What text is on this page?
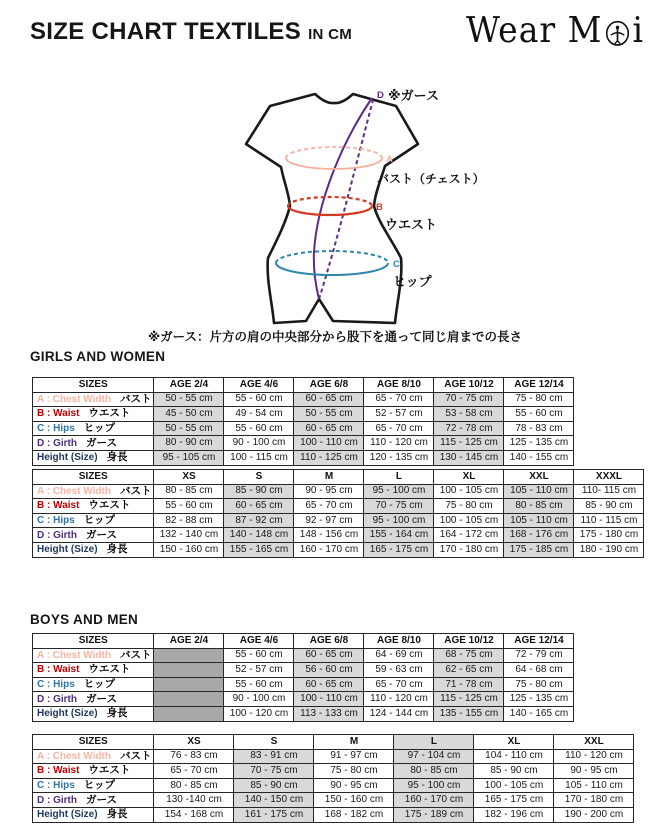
SIZE CHART TEXTILES IN CM	Wear M i
D ※ガース
A
バスト（チェスト）
B
ウエスト
C
ヒップ
※ガース：片方の肩の中央部分から股下を通って同じ肩までの長さ
GIRLS AND WOMEN
SIZES	AGE 2/4	AGE 4/6	AGE 6/8	AGE 8/10	AGE 10/12	AGE 12/14
A : Chest Width バスト	50 - 55 cm	55 - 60 cm	60 - 65 cm	65 - 70 cm	70 - 75 cm	75 - 80 cm
B : Waist ウエスト	45 - 50 cm	49 - 54 cm	50 - 55 cm	52 - 57 cm	53 - 58 cm	55 - 60 cm
C : Hips ヒップ	50 - 55 cm	55 - 60 cm	60 - 65 cm	65 - 70 cm	72 - 78 cm	78 - 83 cm
D : Girth ガース	80 - 90 cm	90 - 100 cm	100 - 110 cm	110 - 120 cm	115 - 125 cm	125 - 135 cm
Height (Size) 身長	95 - 105 cm	100 - 115 cm	110 - 125 cm	120 - 135 cm	130 - 145 cm	140 - 155 cm
SIZES	XS	S	M	L	XL	XXL	XXXL
A : Chest Width バスト	80 - 85 cm	85 - 90 cm	90 - 95 cm	95 - 100 cm	100 - 105 cm	105 - 110 cm	110- 115 cm
B : Waist ウエスト	55 - 60 cm	60 - 65 cm	65 - 70 cm	70 - 75 cm	75 - 80 cm	80 - 85 cm	85 - 90 cm
C : Hips ヒップ	82 - 88 cm	87 - 92 cm	92 - 97 cm	95 - 100 cm	100 - 105 cm	105 - 110 cm	110 - 115 cm
D : Girth ガース	132 - 140 cm	140 - 148 cm	148 - 156 cm	155 - 164 cm	164 - 172 cm	168 - 176 cm	175 - 180 cm
Height (Size) 身長	150 - 160 cm	155 - 165 cm	160 - 170 cm	165 - 175 cm	170 - 180 cm	175 - 185 cm	180 - 190 cm
BOYS AND MEN
SIZES	AGE 2/4	AGE 4/6	AGE 6/8	AGE 8/10	AGE 10/12	AGE 12/14
A : Chest Width バスト		55 - 60 cm	60 - 65 cm	64 - 69 cm	68 - 75 cm	72 - 79 cm
B : Waist ウエスト		52 - 57 cm	56 - 60 cm	59 - 63 cm	62 - 65 cm	64 - 68 cm
C : Hips ヒップ		55 - 60 cm	60 - 65 cm	65 - 70 cm	71 - 78 cm	75 - 80 cm
D : Girth ガース		90 - 100 cm	100 - 110 cm	110 - 120 cm	115 - 125 cm	125 - 135 cm
Height (Size) 身長		100 - 120 cm	113 - 133 cm	124 - 144 cm	135 - 155 cm	140 - 165 cm
SIZES	XS	S	M	L	XL	XXL
A : Chest Width バスト	76 - 83 cm	83 - 91 cm	91 - 97 cm	97 - 104 cm	104 - 110 cm	110 - 120 cm
B : Waist ウエスト	65 - 70 cm	70 - 75 cm	75 - 80 cm	80 - 85 cm	85 - 90 cm	90 - 95 cm
C : Hips ヒップ	80 - 85 cm	85 - 90 cm	90 - 95 cm	95 - 100 cm	100 - 105 cm	105 - 110 cm
D : Girth ガース	130 -140 cm	140 - 150 cm	150 - 160 cm	160 - 170 cm	165 - 175 cm	170 - 180 cm
Height (Size) 身長	154 - 168 cm	161 - 175 cm	168 - 182 cm	175 - 189 cm	182 - 196 cm	190 - 200 cm
